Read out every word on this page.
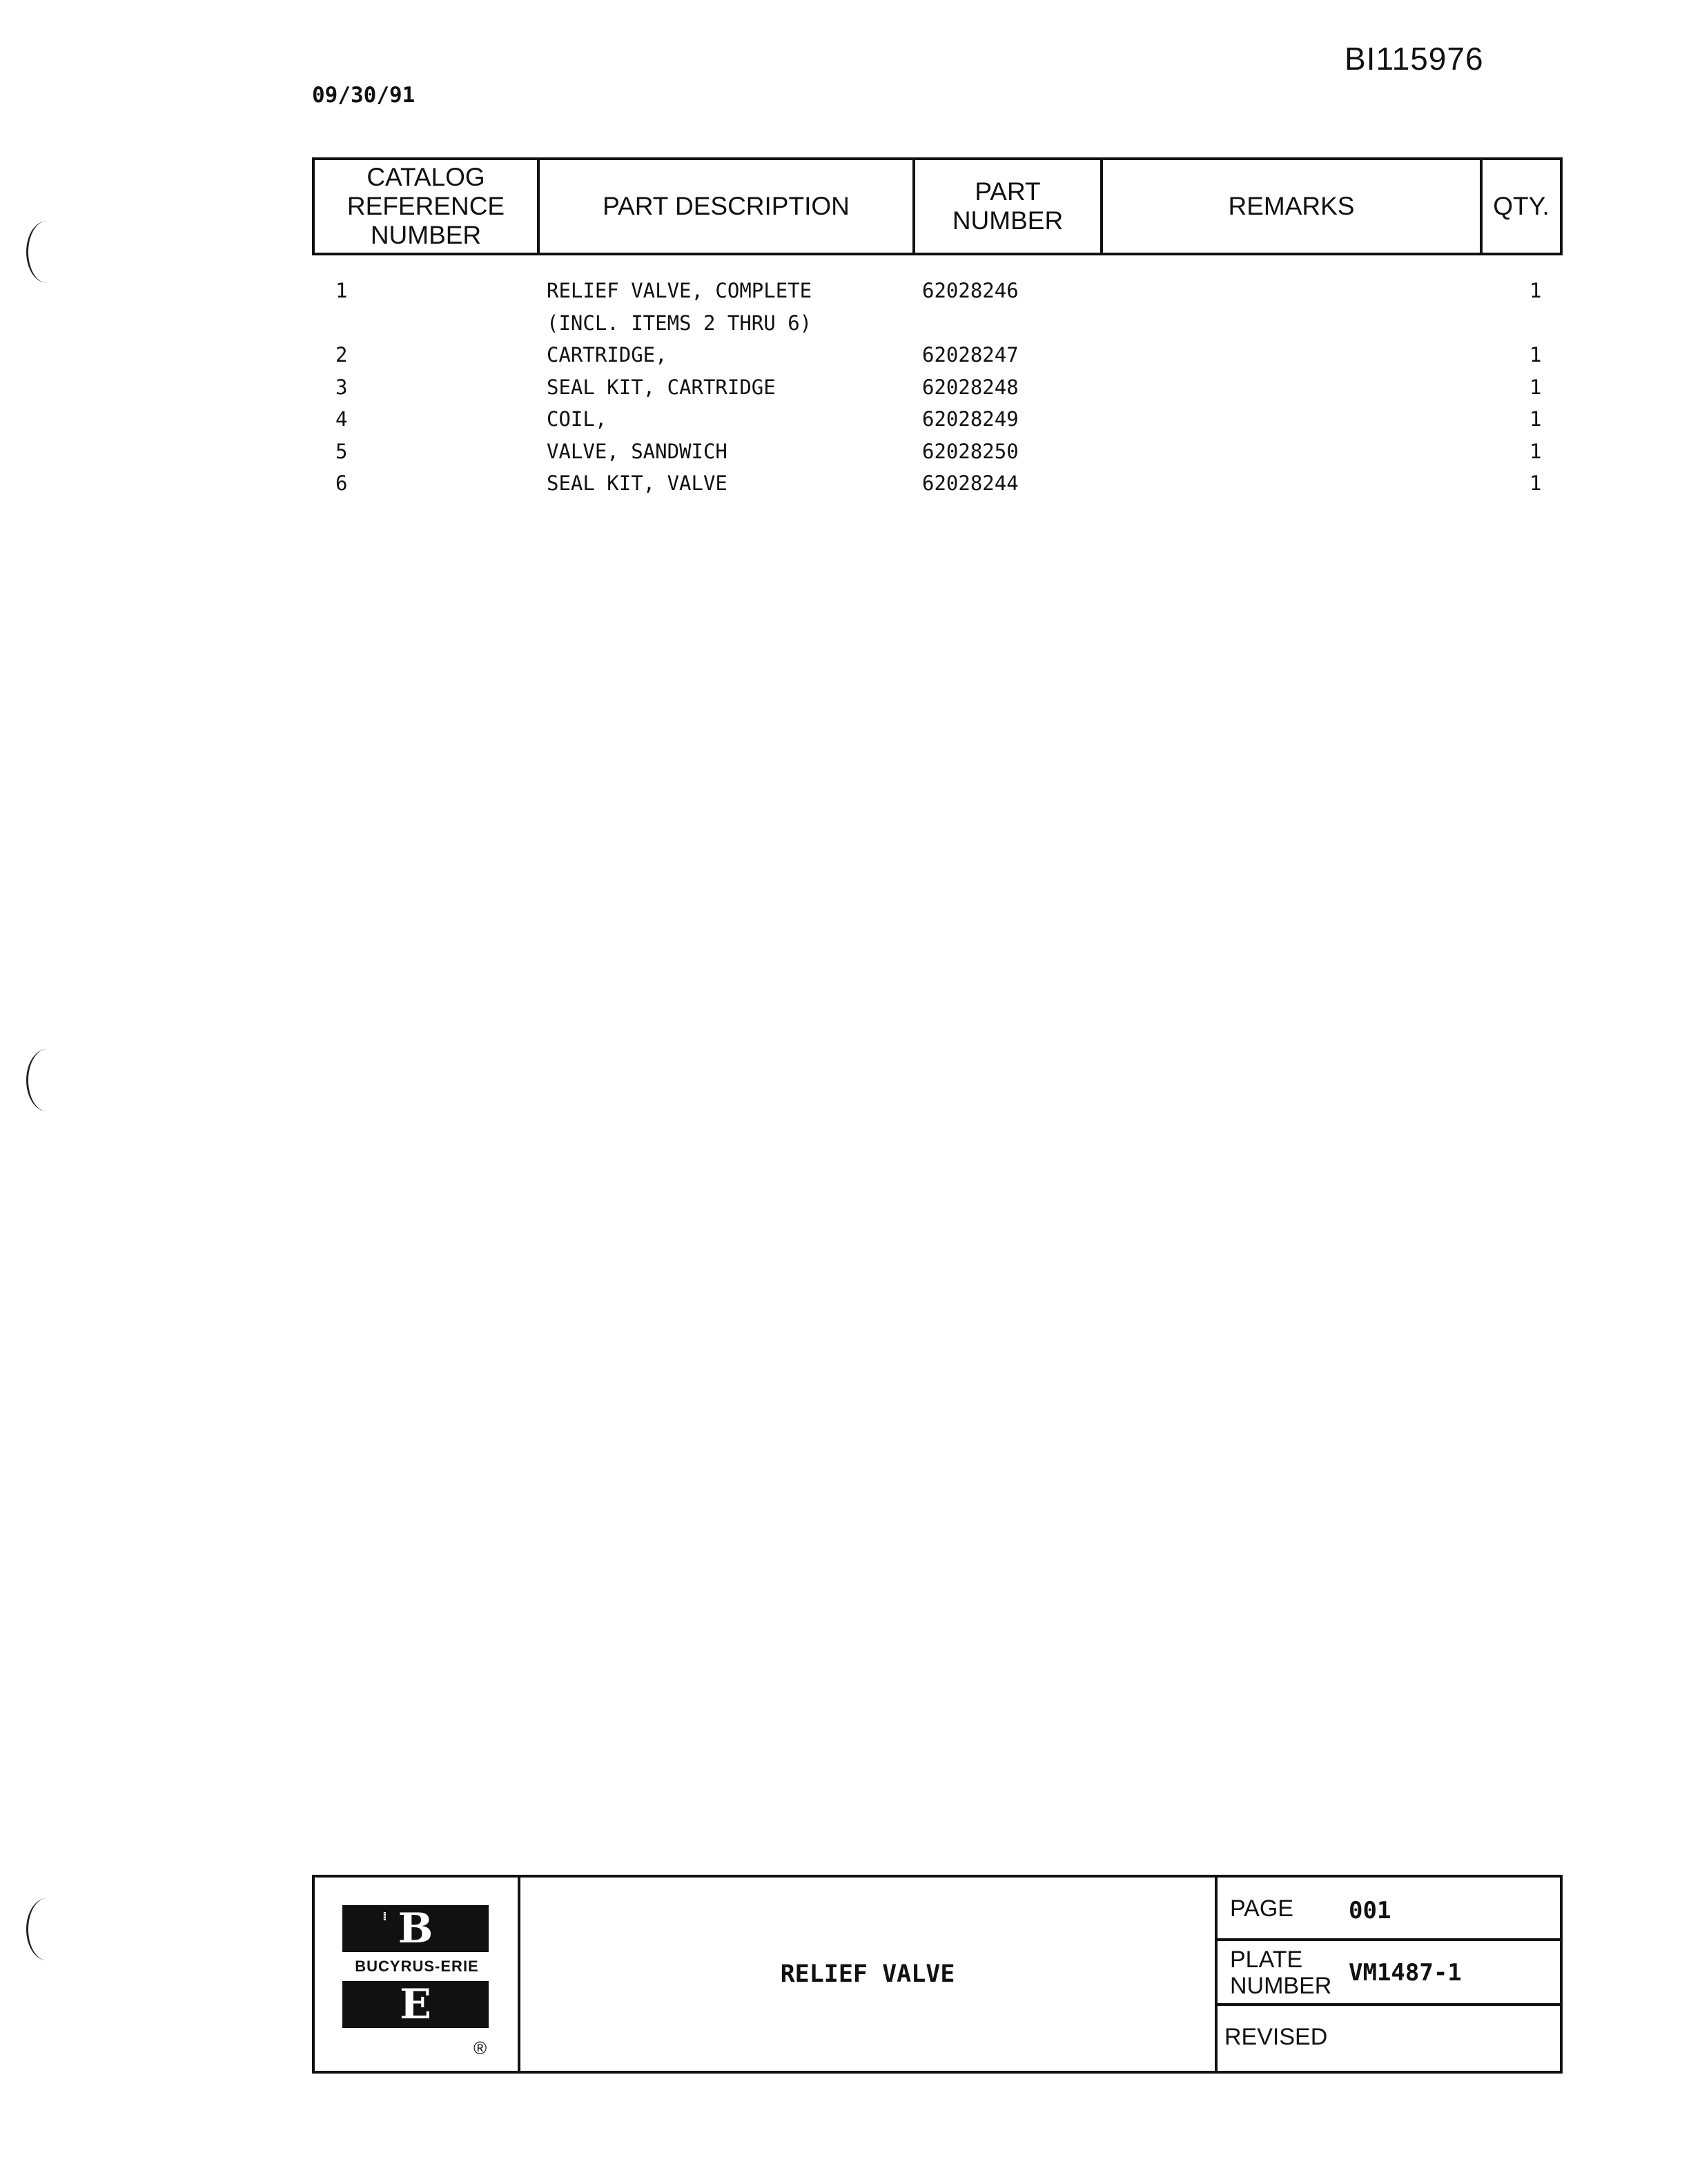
BI115976
09/30/91
CATALOG
REFERENCE
NUMBER
PART DESCRIPTION
PART
NUMBER
REMARKS	QTY.
1	RELIEF VALVE, COMPLETE	62028246	1
(INCL. ITEMS 2 THRU 6)
2	CARTRIDGE,	62028247	1
3	SEAL KIT, CARTRIDGE	62028248	1
4	COIL,	62028249	1
5	VALVE, SANDWICH	62028250	1
6	SEAL KIT, VALVE	62028244	1
⁞ B
BUCYRUS-ERIE
E
®
RELIEF VALVE
PAGE 001
PLATE
NUMBER VM1487-1
REVISED
